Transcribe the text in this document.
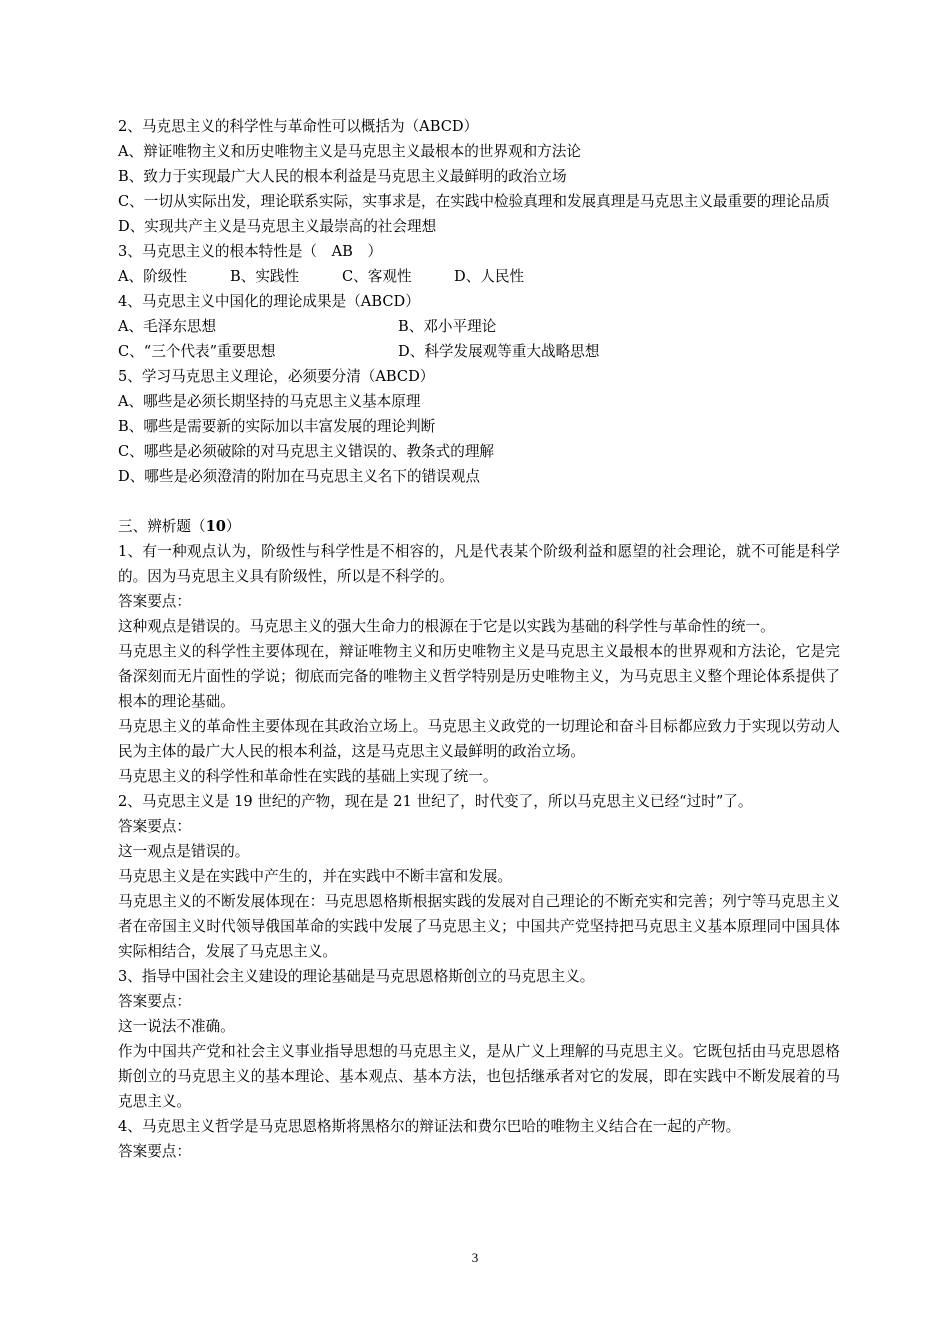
2、马克思主义的科学性与革命性可以概括为（ABCD）
A、辩证唯物主义和历史唯物主义是马克思主义最根本的世界观和方法论
B、致力于实现最广大人民的根本利益是马克思主义最鲜明的政治立场
C、一切从实际出发，理论联系实际，实事求是，在实践中检验真理和发展真理是马克思主义最重要的理论品质
D、实现共产主义是马克思主义最崇高的社会理想
3、马克思主义的根本特性是（　AB　）
A、阶级性	B、实践性	C、客观性	D、人民性
4、马克思主义中国化的理论成果是（ABCD）
A、毛泽东思想	B、邓小平理论
C、“三个代表”重要思想	D、科学发展观等重大战略思想
5、学习马克思主义理论，必须要分清（ABCD）
A、哪些是必须长期坚持的马克思主义基本原理
B、哪些是需要新的实际加以丰富发展的理论判断
C、哪些是必须破除的对马克思主义错误的、教条式的理解
D、哪些是必须澄清的附加在马克思主义名下的错误观点
三、辨析题（10）
1、有一种观点认为，阶级性与科学性是不相容的，凡是代表某个阶级利益和愿望的社会理论，就不可能是科学的。因为马克思主义具有阶级性，所以是不科学的。
答案要点：
这种观点是错误的。马克思主义的强大生命力的根源在于它是以实践为基础的科学性与革命性的统一。
马克思主义的科学性主要体现在，辩证唯物主义和历史唯物主义是马克思主义最根本的世界观和方法论，它是完备深刻而无片面性的学说；彻底而完备的唯物主义哲学特别是历史唯物主义，为马克思主义整个理论体系提供了根本的理论基础。
马克思主义的革命性主要体现在其政治立场上。马克思主义政党的一切理论和奋斗目标都应致力于实现以劳动人民为主体的最广大人民的根本利益，这是马克思主义最鲜明的政治立场。
马克思主义的科学性和革命性在实践的基础上实现了统一。
2、马克思主义是 19 世纪的产物，现在是 21 世纪了，时代变了，所以马克思主义已经“过时”了。
答案要点：
这一观点是错误的。
马克思主义是在实践中产生的，并在实践中不断丰富和发展。
马克思主义的不断发展体现在：马克思恩格斯根据实践的发展对自己理论的不断充实和完善；列宁等马克思主义者在帝国主义时代领导俄国革命的实践中发展了马克思主义；中国共产党坚持把马克思主义基本原理同中国具体实际相结合，发展了马克思主义。
3、指导中国社会主义建设的理论基础是马克思恩格斯创立的马克思主义。
答案要点：
这一说法不准确。
作为中国共产党和社会主义事业指导思想的马克思主义，是从广义上理解的马克思主义。它既包括由马克思恩格斯创立的马克思主义的基本理论、基本观点、基本方法，也包括继承者对它的发展，即在实践中不断发展着的马克思主义。
4、马克思主义哲学是马克思恩格斯将黑格尔的辩证法和费尔巴哈的唯物主义结合在一起的产物。
答案要点：
3
